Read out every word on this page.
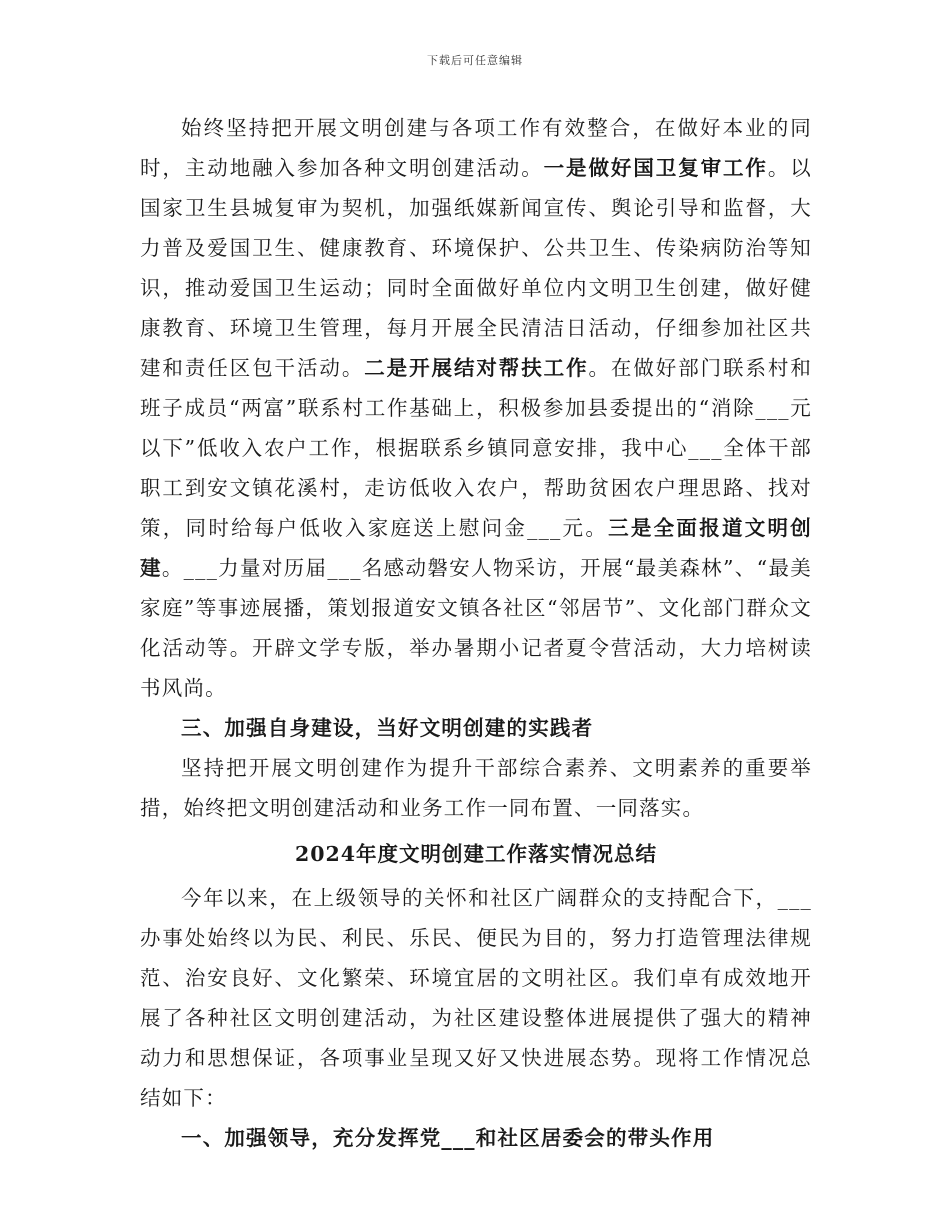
下载后可任意编辑

始终坚持把开展文明创建与各项工作有效整合，在做好本业的同时，主动地融入参加各种文明创建活动。一是做好国卫复审工作。以国家卫生县城复审为契机，加强纸媒新闻宣传、舆论引导和监督，大力普及爱国卫生、健康教育、环境保护、公共卫生、传染病防治等知识，推动爱国卫生运动；同时全面做好单位内文明卫生创建，做好健康教育、环境卫生管理，每月开展全民清洁日活动，仔细参加社区共建和责任区包干活动。二是开展结对帮扶工作。在做好部门联系村和班子成员“两富”联系村工作基础上，积极参加县委提出的“消除___元以下”低收入农户工作，根据联系乡镇同意安排，我中心___全体干部职工到安文镇花溪村，走访低收入农户，帮助贫困农户理思路、找对策，同时给每户低收入家庭送上慰问金___元。三是全面报道文明创建。___力量对历届___名感动磐安人物采访，开展“最美森林”、“最美家庭”等事迹展播，策划报道安文镇各社区“邻居节”、文化部门群众文化活动等。开辟文学专版，举办暑期小记者夏令营活动，大力培树读书风尚。

三、加强自身建设，当好文明创建的实践者

坚持把开展文明创建作为提升干部综合素养、文明素养的重要举措，始终把文明创建活动和业务工作一同布置、一同落实。

2024年度文明创建工作落实情况总结

今年以来，在上级领导的关怀和社区广阔群众的支持配合下，___办事处始终以为民、利民、乐民、便民为目的，努力打造管理法律规范、治安良好、文化繁荣、环境宜居的文明社区。我们卓有成效地开展了各种社区文明创建活动，为社区建设整体进展提供了强大的精神动力和思想保证，各项事业呈现又好又快进展态势。现将工作情况总结如下：

一、加强领导，充分发挥党___和社区居委会的带头作用
